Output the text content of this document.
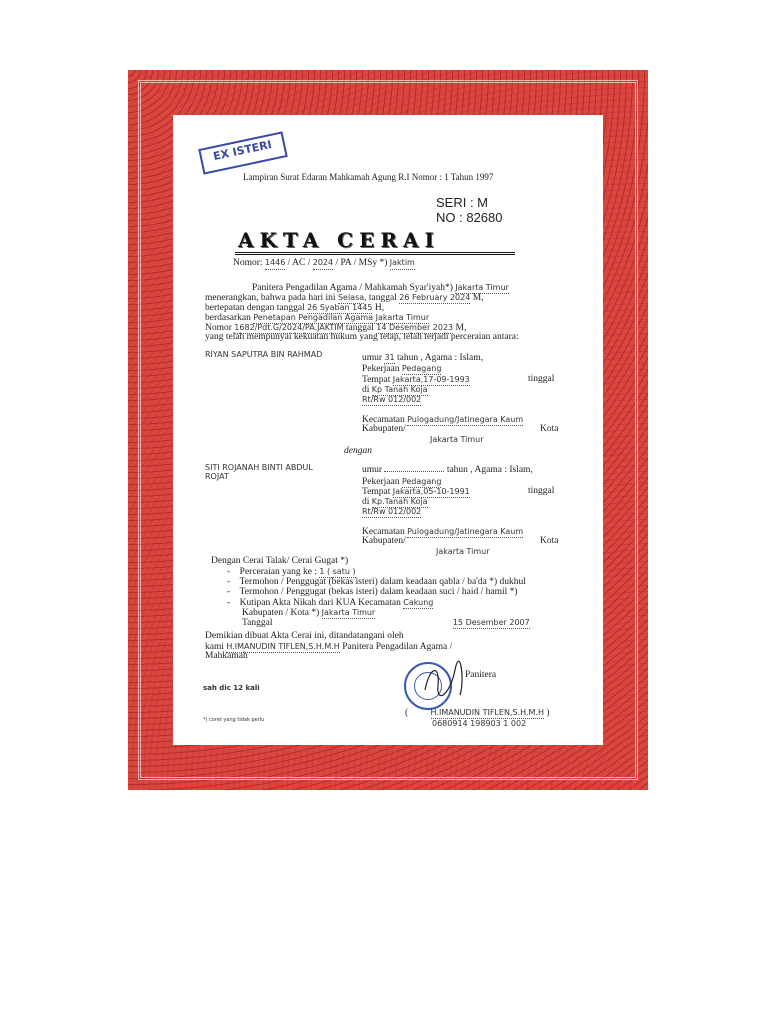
EX ISTERI
Lampiran Surat Edaran Mahkamah Agung R.I Nomor : 1 Tahun 1997
SERI : M
NO : 82680
AKTA CERAI
Nomor: 1446 / AC / 2024 / PA / MSy *) Jaktim
Panitera Pengadilan Agama / Mahkamah Syar'iyah*) Jakarta Timur
menerangkan, bahwa pada hari ini Selasa, tanggal 26 February 2024 M,
bertepatan dengan tanggal 26 Syaban 1445 H,
berdasarkan Penetapan Pengadilan Agama Jakarta Timur
Nomor 1682/Pdt.G/2024/PA.JAKTIM tanggal 14 Desember 2023 M,
yang telah mempunyai kekuatan hukum yang tetap, telah terjadi perceraian antara:
RIYAN SAPUTRA BIN RAHMAD	umur 31 tahun , Agama : Islam,
Pekerjaan Pedagang
Tempat Jakarta,17-09-1993	tinggal
di Kp Tanah Koja
Rt/Rw 012/002
Kecamatan Pulogadung/Jatinegara Kaum
Kabupaten/	Kota
Jakarta Timur
dengan
SITI ROJANAH BINTI ABDUL ROJAT
umur	tahun , Agama : Islam,
Pekerjaan Pedagang
Tempat Jakarta,05-10-1991	tinggal
di Kp.Tanah Koja
Rt/Rw 012/002
Kecamatan Pulogadung/Jatinegara Kaum
Kabupaten/	Kota
Jakarta Timur
Dengan Cerai Talak/ Cerai Gugat *)
-    Perceraian yang ke : 1 ( satu )
-    Termohon / Penggugat (bekas isteri) dalam keadaan qabla / ba'da *) dukhul
-    Termohon / Penggugat (bekas isteri) dalam keadaan suci / haid / hamil *)
-    Kutipan Akta Nikah dari KUA Kecamatan Cakung
Kabupaten / Kota *) Jakarta Timur
Tanggal	15 Desember 2007
Demikian dibuat Akta Cerai ini, ditandatangani oleh
kami H.IMANUDIN TIFLEN,S.H.M.H Panitera Pengadilan Agama /
Mahkamah
Panitera
sah dic 12 kali
(	H.IMANUDIN TIFLEN,S.H.M.H )
0680914 198903 1 002
*) coret yang tidak perlu
